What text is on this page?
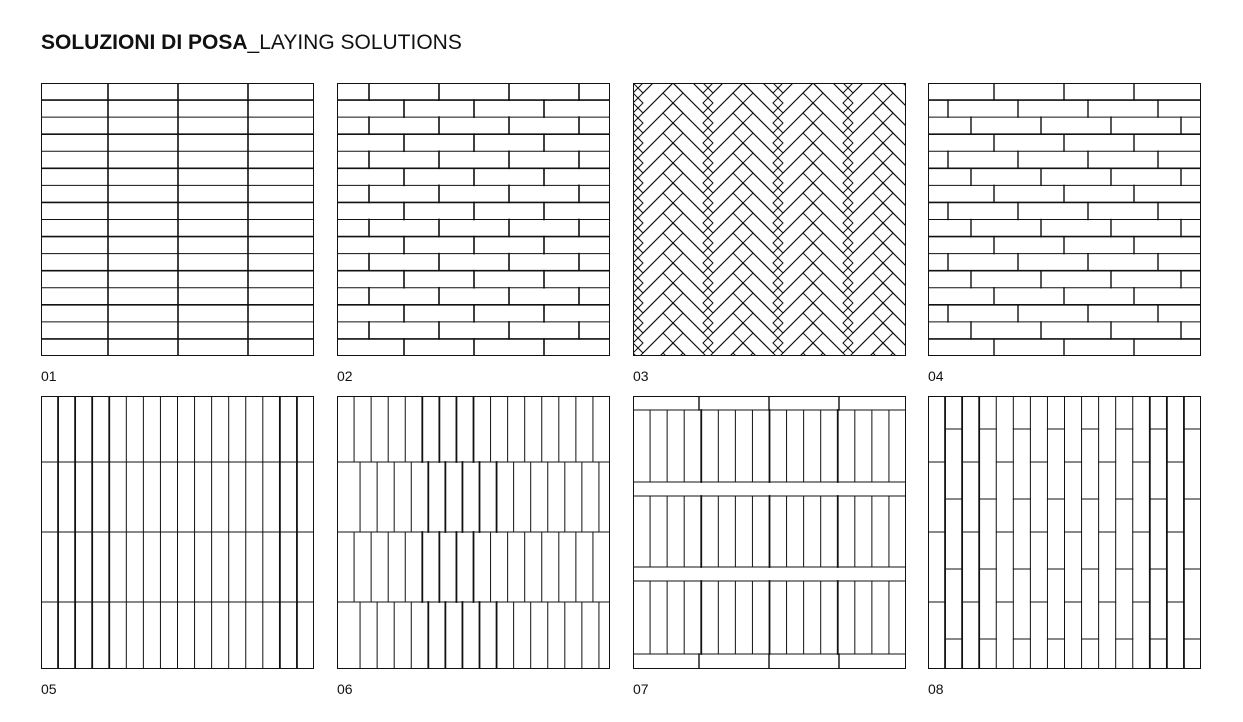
SOLUZIONI DI POSA_LAYING SOLUTIONS
01	02	03	04
05	06	07	08
